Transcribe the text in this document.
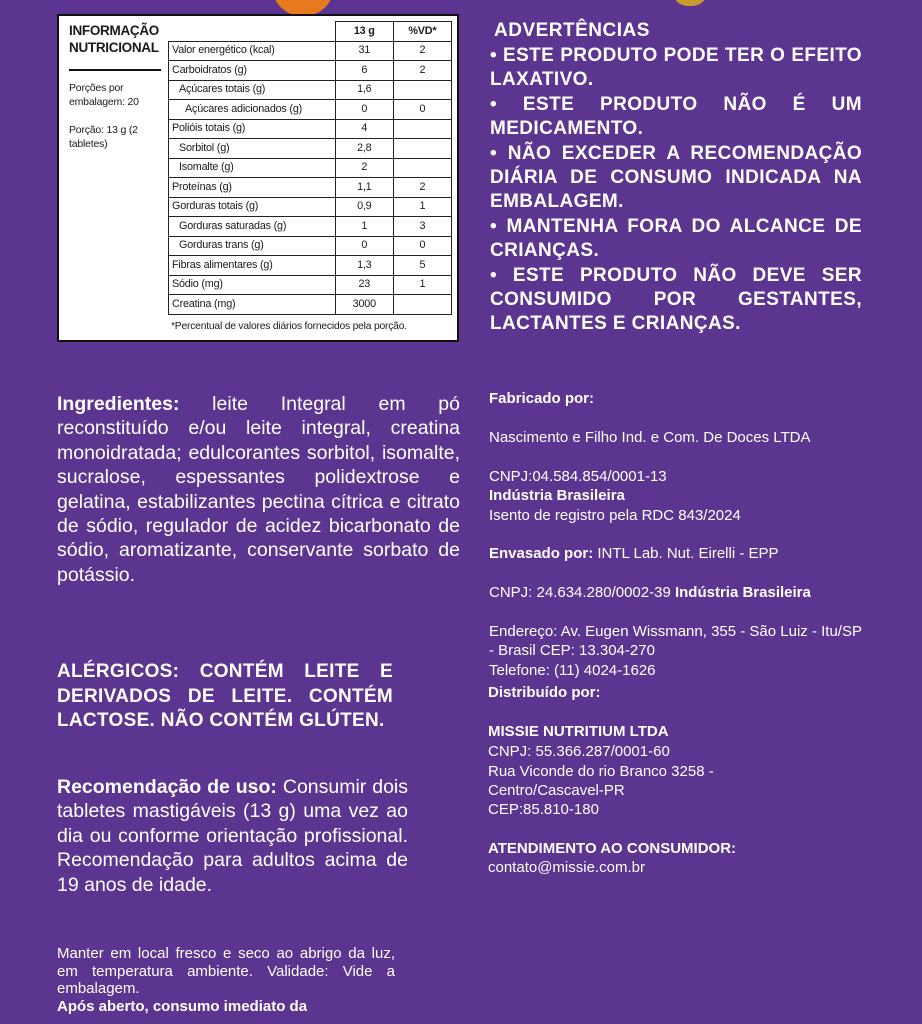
INFORMAÇÃO NUTRICIONAL
Porções por embalagem: 20
Porção: 13 g (2 tabletes)
	13 g	%VD*
Valor energético (kcal)	31	2
Carboidratos (g)	6	2
Açúcares totais (g)	1,6	
Açúcares adicionados (g)	0	0
Polióis totais (g)	4	
Sorbitol (g)	2,8	
Isomalte (g)	2	
Proteínas (g)	1,1	2
Gorduras totais (g)	0,9	1
Gorduras saturadas (g)	1	3
Gorduras trans (g)	0	0
Fibras alimentares (g)	1,3	5
Sódio (mg)	23	1
Creatina (mg)	3000	
*Percentual de valores diários fornecidos pela porção.
ADVERTÊNCIAS
• ESTE PRODUTO PODE TER O EFEITO LAXATIVO.
• ESTE PRODUTO NÃO É UM MEDICAMENTO.
• NÃO EXCEDER A RECOMENDAÇÃO DIÁRIA DE CONSUMO INDICADA NA EMBALAGEM.
• MANTENHA FORA DO ALCANCE DE CRIANÇAS.
• ESTE PRODUTO NÃO DEVE SER CONSUMIDO POR GESTANTES, LACTANTES E CRIANÇAS.
Ingredientes: leite Integral em pó reconstituído e/ou leite integral, creatina monoidratada; edulcorantes sorbitol, isomalte, sucralose, espessantes polidextrose e gelatina, estabilizantes pectina cítrica e citrato de sódio, regulador de acidez bicarbonato de sódio, aromatizante, conservante sorbato de potássio.
ALÉRGICOS: CONTÉM LEITE E DERIVADOS DE LEITE. CONTÉM LACTOSE. NÃO CONTÉM GLÚTEN.
Recomendação de uso: Consumir dois tabletes mastigáveis (13 g) uma vez ao dia ou conforme orientação profissional. Recomendação para adultos acima de 19 anos de idade.
Manter em local fresco e seco ao abrigo da luz, em temperatura ambiente. Validade: Vide a embalagem.
Após aberto, consumo imediato da
Fabricado por:
Nascimento e Filho Ind. e Com. De Doces LTDA
CNPJ:04.584.854/0001-13
Indústria Brasileira
Isento de registro pela RDC 843/2024
Envasado por: INTL Lab. Nut. Eirelli - EPP
CNPJ: 24.634.280/0002-39 Indústria Brasileira
Endereço: Av. Eugen Wissmann, 355 - São Luiz - Itu/SP - Brasil CEP: 13.304-270
Telefone: (11) 4024-1626
Distribuído por:
MISSIE NUTRITIUM LTDA
CNPJ: 55.366.287/0001-60
Rua Viconde do rio Branco 3258 -
Centro/Cascavel-PR
CEP:85.810-180
ATENDIMENTO AO CONSUMIDOR:
contato@missie.com.br
